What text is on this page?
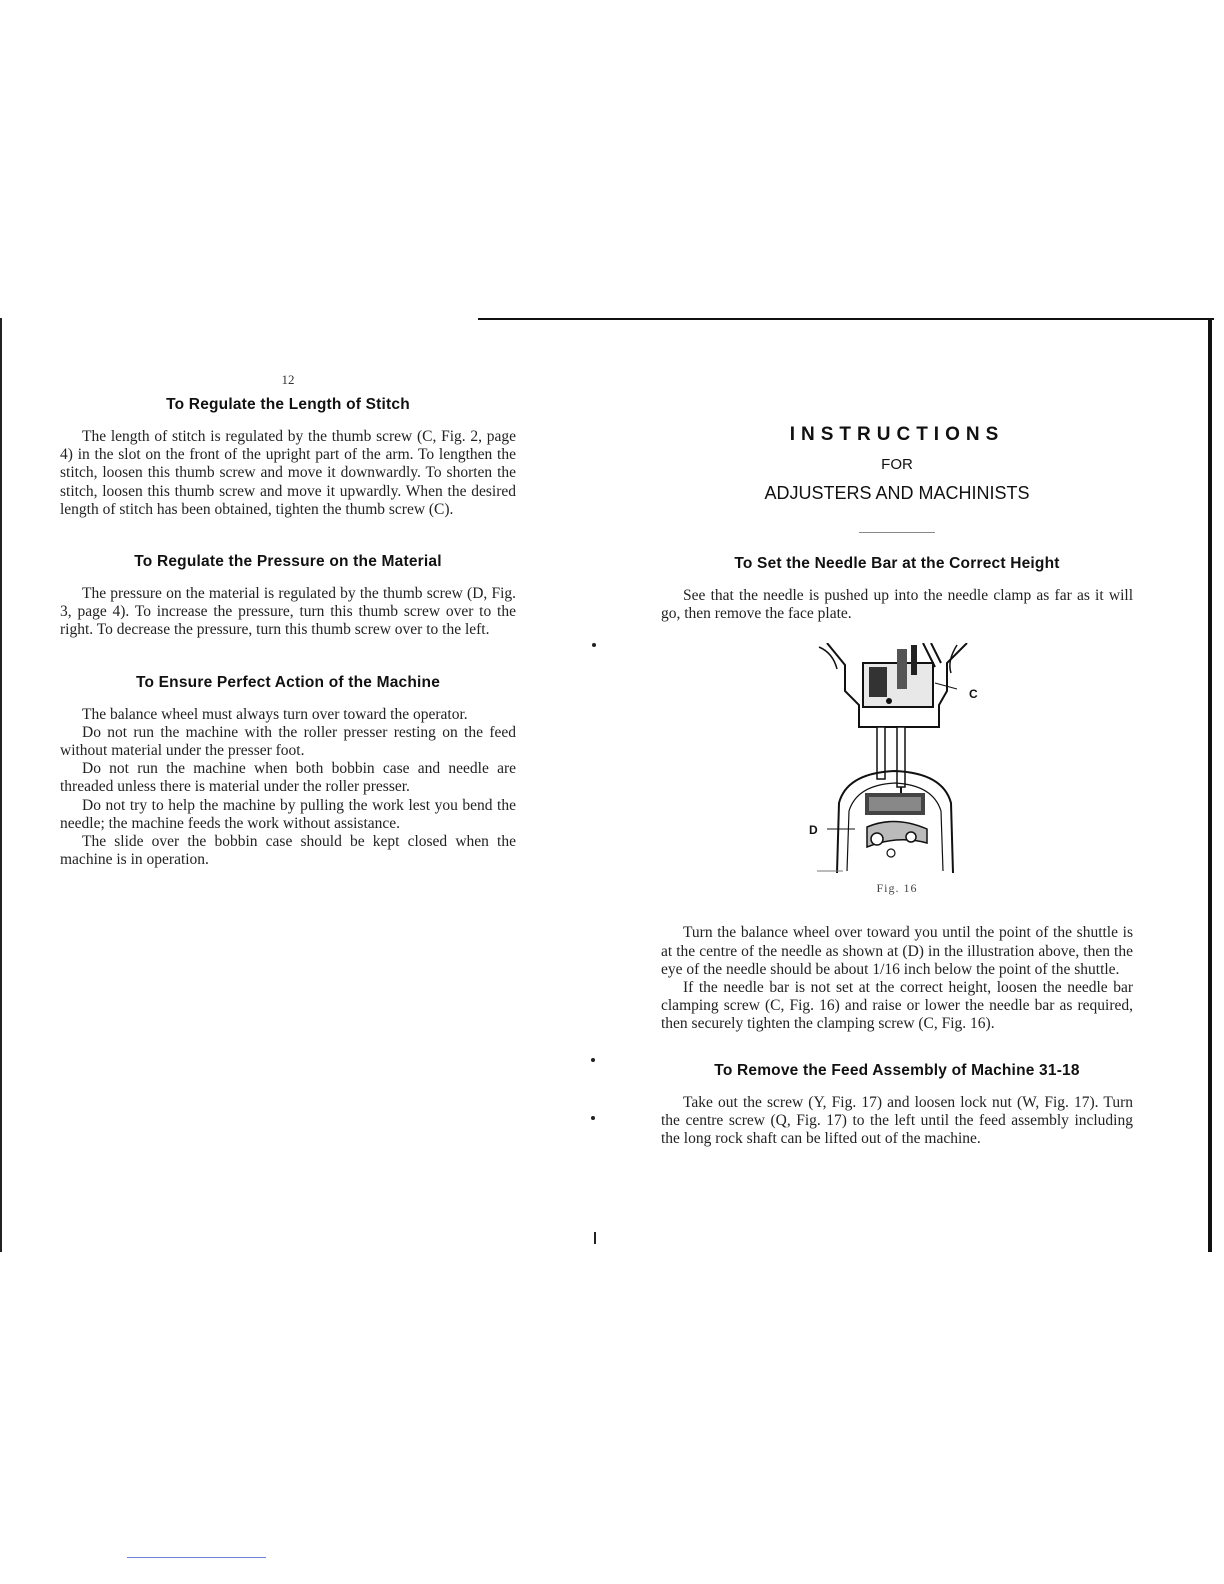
12
To Regulate the Length of Stitch

The length of stitch is regulated by the thumb screw (C, Fig. 2, page 4) in the slot on the front of the upright part of the arm. To lengthen the stitch, loosen this thumb screw and move it downwardly. To shorten the stitch, loosen this thumb screw and move it upwardly. When the desired length of stitch has been obtained, tighten the thumb screw (C).

To Regulate the Pressure on the Material

The pressure on the material is regulated by the thumb screw (D, Fig. 3, page 4). To increase the pressure, turn this thumb screw over to the right. To decrease the pressure, turn this thumb screw over to the left.

To Ensure Perfect Action of the Machine

The balance wheel must always turn over toward the operator.

Do not run the machine with the roller presser resting on the feed without material under the presser foot.

Do not run the machine when both bobbin case and needle are threaded unless there is material under the roller presser.

Do not try to help the machine by pulling the work lest you bend the needle; the machine feeds the work without assistance.

The slide over the bobbin case should be kept closed when the machine is in operation.

INSTRUCTIONS
FOR
ADJUSTERS AND MACHINISTS
To Set the Needle Bar at the Correct Height

See that the needle is pushed up into the needle clamp as far as it will go, then remove the face plate.

C
D
Fig. 16

Turn the balance wheel over toward you until the point of the shuttle is at the centre of the needle as shown at (D) in the illustration above, then the eye of the needle should be about 1/16 inch below the point of the shuttle.

If the needle bar is not set at the correct height, loosen the needle bar clamping screw (C, Fig. 16) and raise or lower the needle bar as required, then securely tighten the clamping screw (C, Fig. 16).

To Remove the Feed Assembly of Machine 31-18

Take out the screw (Y, Fig. 17) and loosen lock nut (W, Fig. 17). Turn the centre screw (Q, Fig. 17) to the left until the feed assembly including the long rock shaft can be lifted out of the machine.
